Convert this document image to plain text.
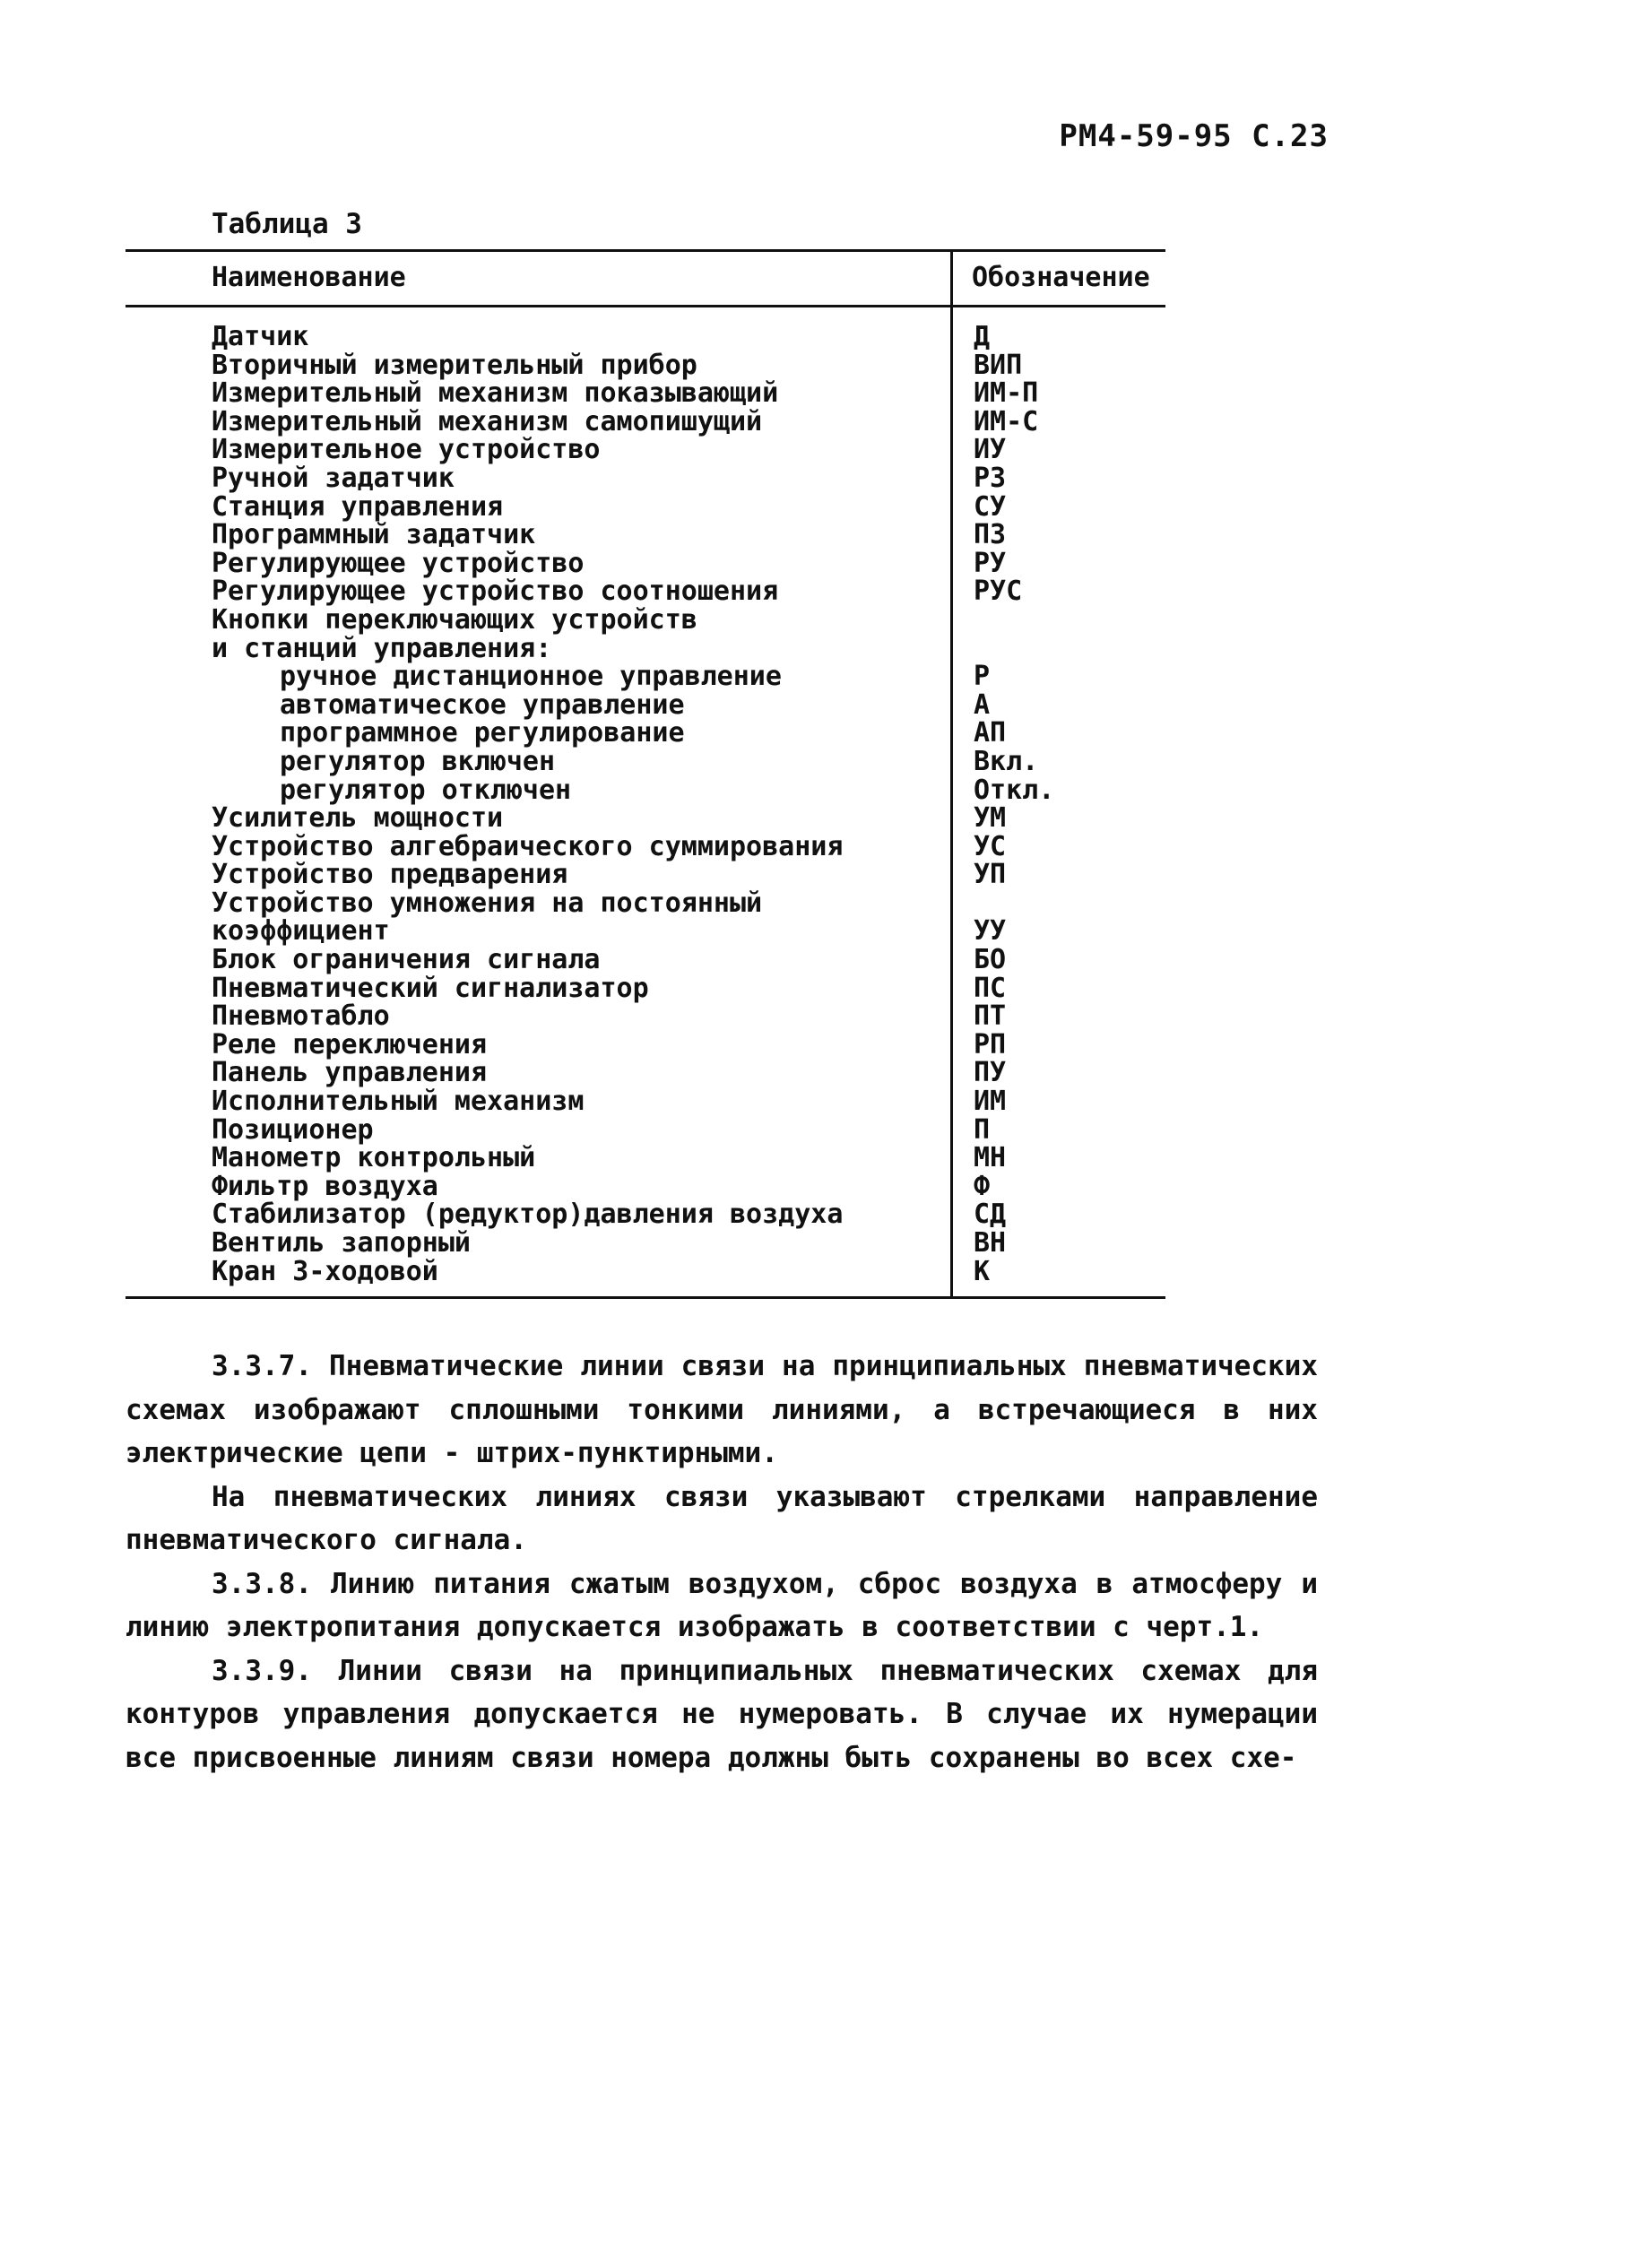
РМ4-59-95 С.23
Таблица 3
Наименование	Обозначение
Датчик	Д
Вторичный измерительный прибор	ВИП
Измерительный механизм показывающий	ИМ-П
Измерительный механизм самопишущий	ИМ-С
Измерительное устройство	ИУ
Ручной задатчик	РЗ
Станция управления	СУ
Программный задатчик	ПЗ
Регулирующее устройство	РУ
Регулирующее устройство соотношения	РУС
Кнопки переключающих устройств
и станций управления:
ручное дистанционное управление	Р
автоматическое управление	А
программное регулирование	АП
регулятор включен	Вкл.
регулятор отключен	Откл.
Усилитель мощности	УМ
Устройство алгебраического суммирования	УС
Устройство предварения	УП
Устройство умножения на постоянный
коэффициент	УУ
Блок ограничения сигнала	БО
Пневматический сигнализатор	ПС
Пневмотабло	ПТ
Реле переключения	РП
Панель управления	ПУ
Исполнительный механизм	ИМ
Позиционер	П
Манометр контрольный	МН
Фильтр воздуха	Ф
Стабилизатор (редуктор)давления воздуха	СД
Вентиль запорный	ВН
Кран 3-ходовой	К

3.3.7. Пневматические линии связи на принципиальных пневматических схемах изображают сплошными тонкими линиями, а встречающиеся в них электрические цепи - штрих-пунктирными.

На пневматических линиях связи указывают стрелками направление пневматического сигнала.

3.3.8. Линию питания сжатым воздухом, сброс воздуха в атмосферу и линию электропитания допускается изображать в соответствии с черт.1.

3.3.9. Линии связи на принципиальных пневматических схемах для контуров управления допускается не нумеровать. В случае их нумерации все присвоенные линиям связи номера должны быть сохранены во всех схе-
